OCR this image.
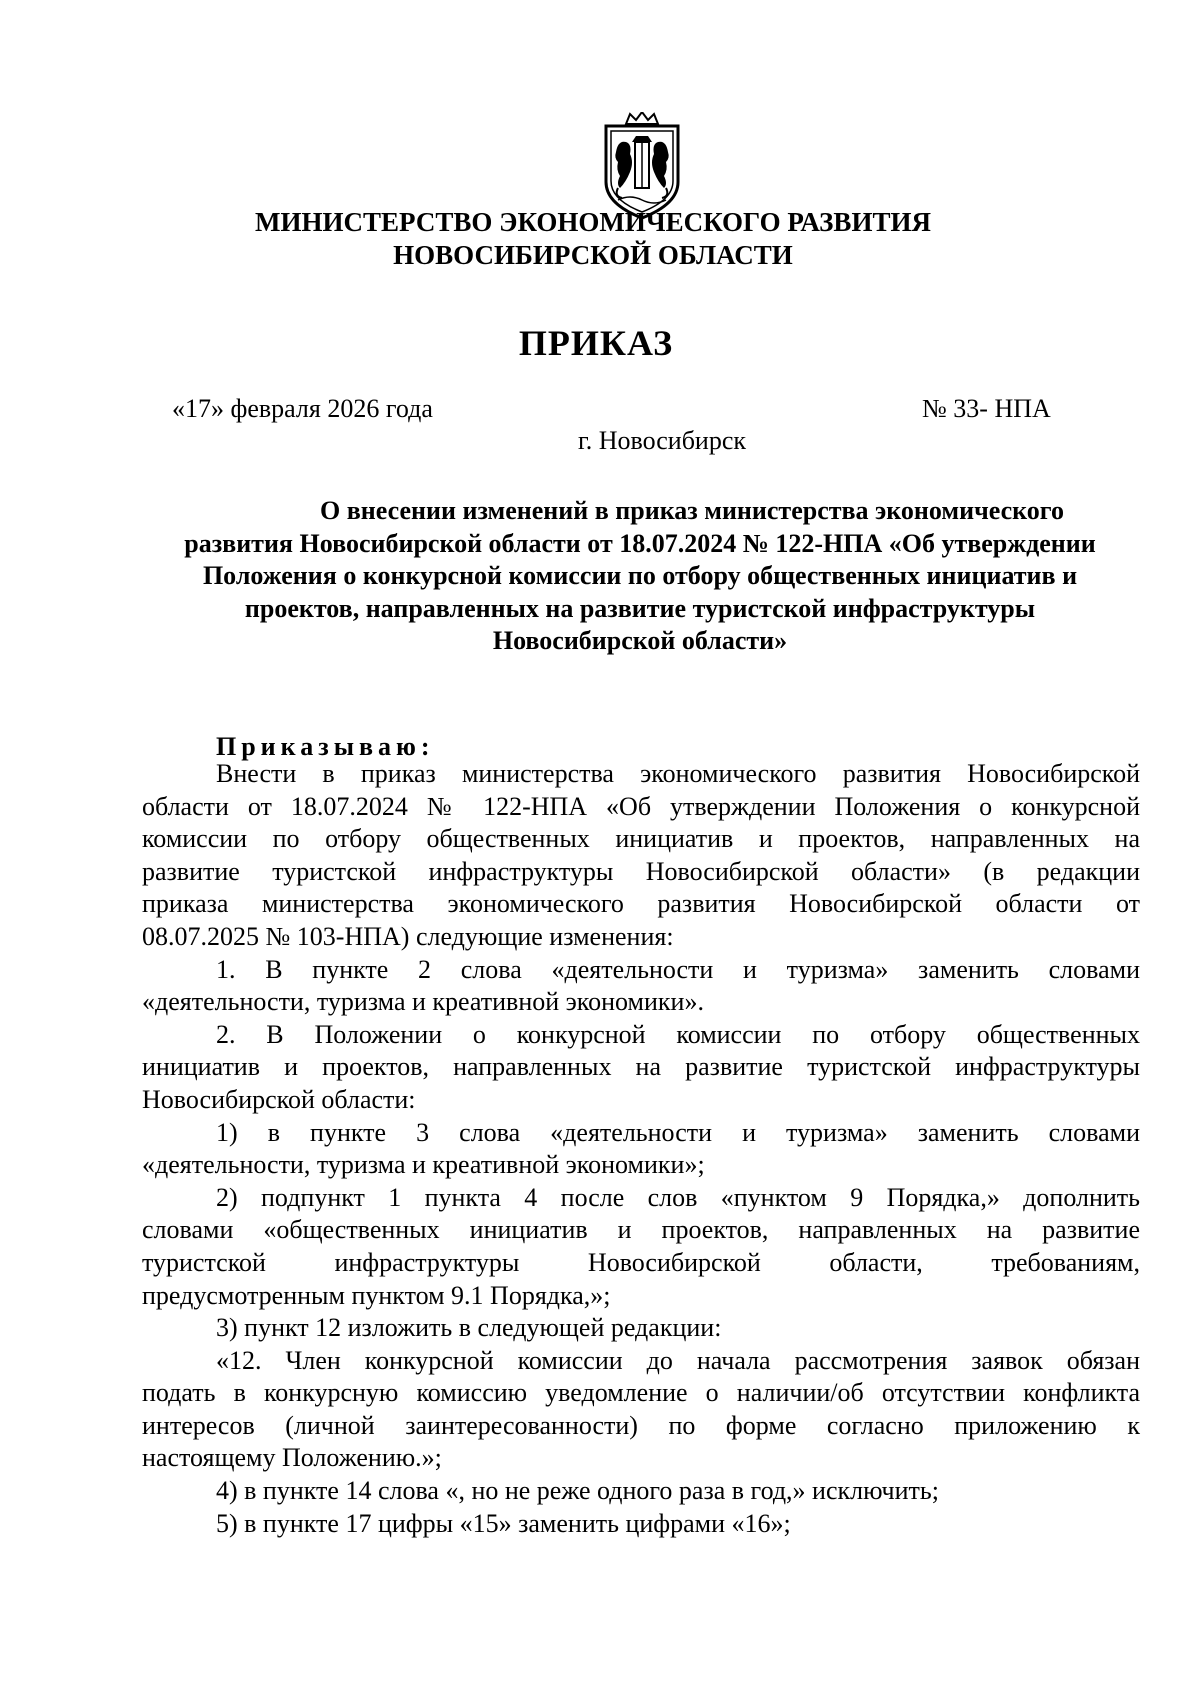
МИНИСТЕРСТВО ЭКОНОМИЧЕСКОГО РАЗВИТИЯ
НОВОСИБИРСКОЙ ОБЛАСТИ
ПРИКАЗ
«17» февраля 2026 года	№ 33- НПА
г. Новосибирск
О внесении изменений в приказ министерства экономического
развития Новосибирской области от 18.07.2024 № 122-НПА «Об утверждении
Положения о конкурсной комиссии по отбору общественных инициатив и
проектов, направленных на развитие туристской инфраструктуры
Новосибирской области»
Приказываю:
Внести в приказ министерства экономического развития Новосибирской
области от 18.07.2024 № 122-НПА «Об утверждении Положения о конкурсной
комиссии по отбору общественных инициатив и проектов, направленных на
развитие туристской инфраструктуры Новосибирской области» (в редакции
приказа министерства экономического развития Новосибирской области от
08.07.2025 № 103-НПА) следующие изменения:
1. В пункте 2 слова «деятельности и туризма» заменить словами
«деятельности, туризма и креативной экономики».
2. В Положении о конкурсной комиссии по отбору общественных
инициатив и проектов, направленных на развитие туристской инфраструктуры
Новосибирской области:
1) в пункте 3 слова «деятельности и туризма» заменить словами
«деятельности, туризма и креативной экономики»;
2) подпункт 1 пункта 4 после слов «пунктом 9 Порядка,» дополнить
словами «общественных инициатив и проектов, направленных на развитие
туристской инфраструктуры Новосибирской области, требованиям,
предусмотренным пунктом 9.1 Порядка,»;
3) пункт 12 изложить в следующей редакции:
«12. Член конкурсной комиссии до начала рассмотрения заявок обязан
подать в конкурсную комиссию уведомление о наличии/об отсутствии конфликта
интересов (личной заинтересованности) по форме согласно приложению к
настоящему Положению.»;
4) в пункте 14 слова «, но не реже одного раза в год,» исключить;
5) в пункте 17 цифры «15» заменить цифрами «16»;
